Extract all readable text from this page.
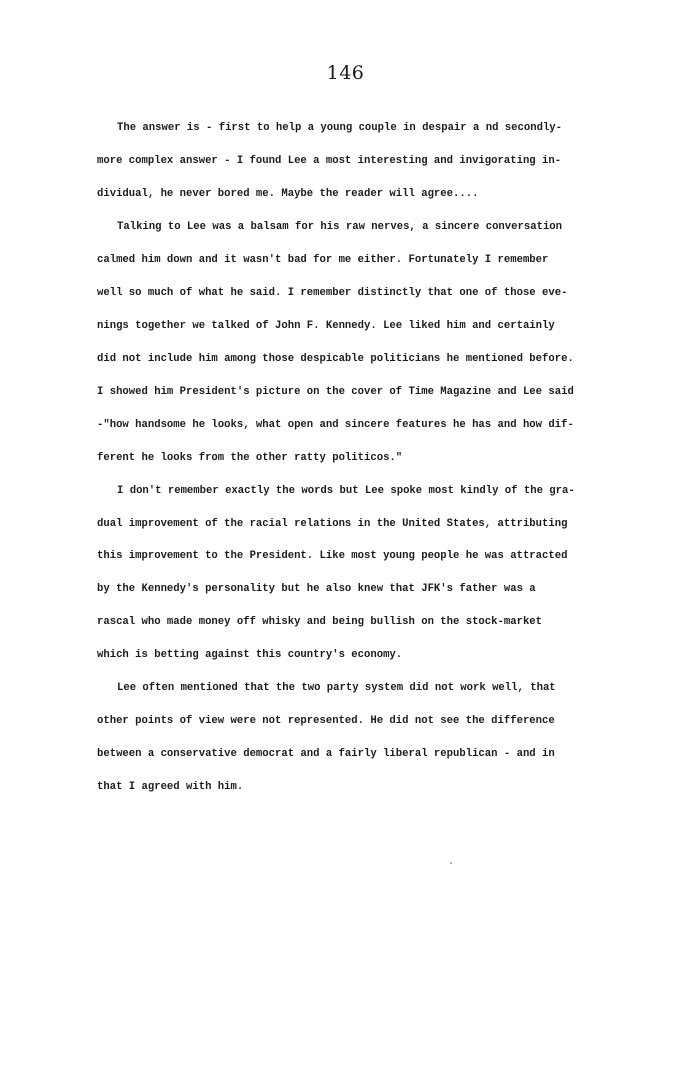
146
The answer is - first to help a young couple in despair a nd secondly-
more complex answer - I found Lee a most interesting and invigorating in-
dividual, he never bored me. Maybe the reader will agree....
Talking to Lee was a balsam for his raw nerves, a sincere conversation
calmed him down and it wasn't bad for me either. Fortunately I remember
well so much of what he said. I remember distinctly that one of those eve-
nings together we talked of John F. Kennedy. Lee liked him and certainly
did not include him among those despicable politicians he mentioned before.
I showed him President's picture on the cover of Time Magazine and Lee said
-"how handsome he looks, what open and sincere features he has and how dif-
ferent he looks from the other ratty politicos."
I don't remember exactly the words but Lee spoke most kindly of the gra-
dual improvement of the racial relations in the United States, attributing
this improvement to the President. Like most young people he was attracted
by the Kennedy's personality but he also knew that JFK's father was a
rascal who made money off whisky and being bullish on the stock-market
which is betting against this country's economy.
Lee often mentioned that the two party system did not work well, that
other points of view were not represented. He did not see the difference
between a conservative democrat and a fairly liberal republican - and in
that I agreed with him.
